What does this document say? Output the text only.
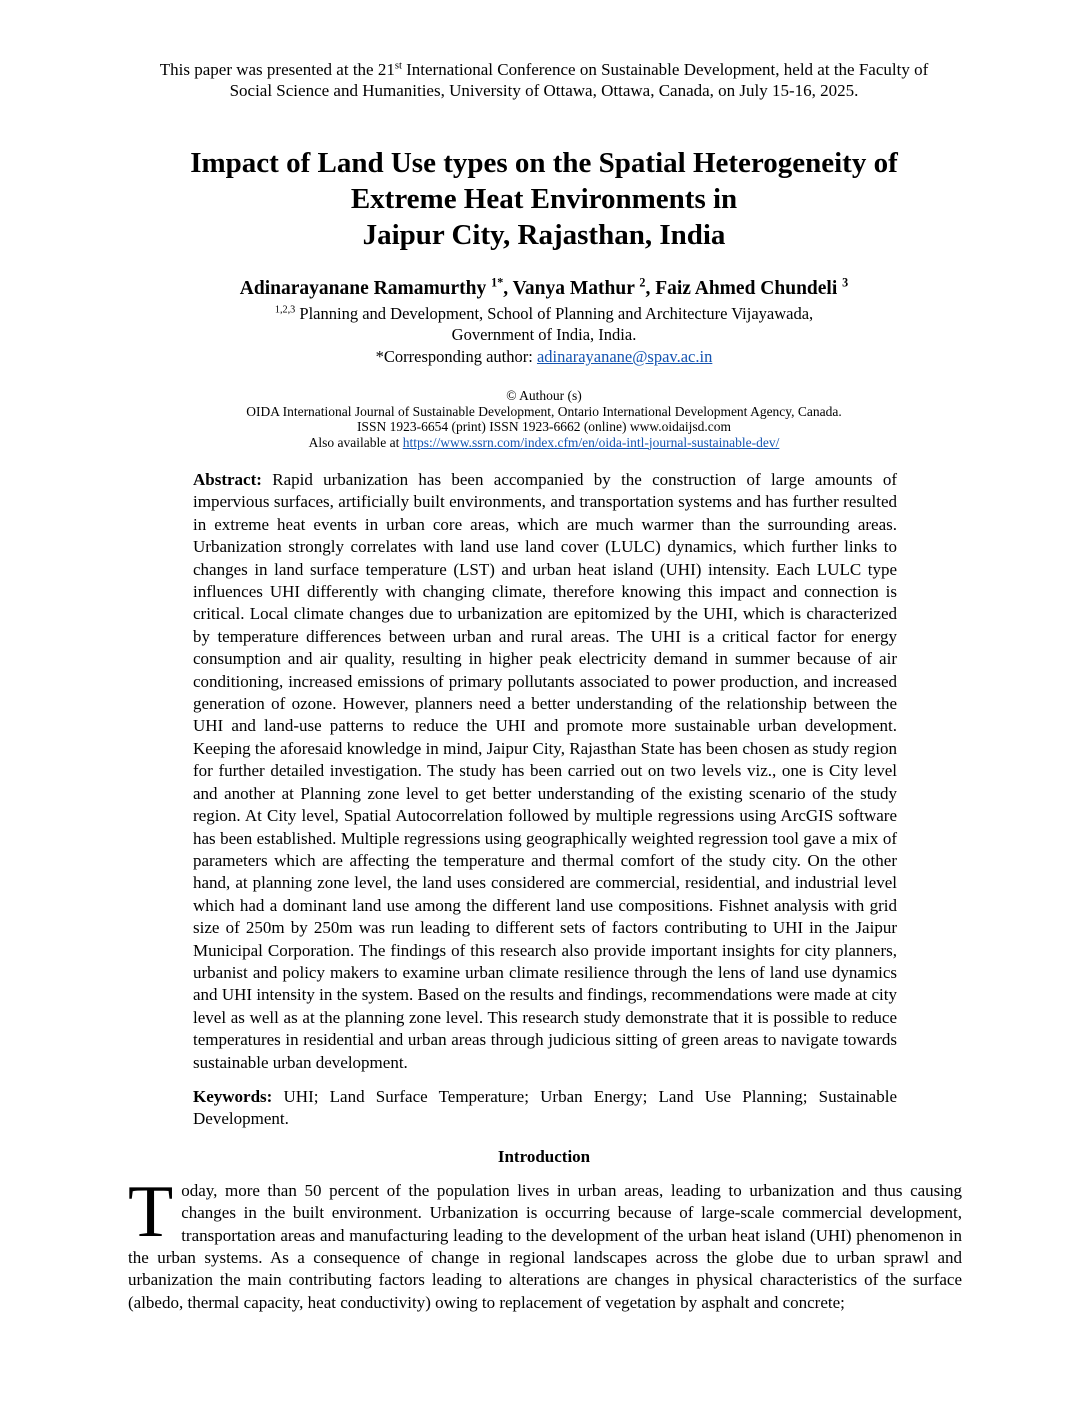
This paper was presented at the 21st International Conference on Sustainable Development, held at the Faculty of Social Science and Humanities, University of Ottawa, Ottawa, Canada, on July 15-16, 2025.
Impact of Land Use types on the Spatial Heterogeneity of
Extreme Heat Environments in
Jaipur City, Rajasthan, India
Adinarayanane Ramamurthy $^{1*}$, Vanya Mathur $^2$, Faiz Ahmed Chundeli $^3$
$^{1,2,3}$ Planning and Development, School of Planning and Architecture Vijayawada,
Government of India, India.
*Corresponding author: adinarayanane@spav.ac.in
© Authour (s)
OIDA International Journal of Sustainable Development, Ontario International Development Agency, Canada.
ISSN 1923-6654 (print) ISSN 1923-6662 (online) www.oidaijsd.com
Also available at https://www.ssrn.com/index.cfm/en/oida-intl-journal-sustainable-dev/

Abstract: Rapid urbanization has been accompanied by the construction of large amounts of impervious surfaces, artificially built environments, and transportation systems and has further resulted in extreme heat events in urban core areas, which are much warmer than the surrounding areas. Urbanization strongly correlates with land use land cover (LULC) dynamics, which further links to changes in land surface temperature (LST) and urban heat island (UHI) intensity. Each LULC type influences UHI differently with changing climate, therefore knowing this impact and connection is critical. Local climate changes due to urbanization are epitomized by the UHI, which is characterized by temperature differences between urban and rural areas. The UHI is a critical factor for energy consumption and air quality, resulting in higher peak electricity demand in summer because of air conditioning, increased emissions of primary pollutants associated to power production, and increased generation of ozone. However, planners need a better understanding of the relationship between the UHI and land-use patterns to reduce the UHI and promote more sustainable urban development. Keeping the aforesaid knowledge in mind, Jaipur City, Rajasthan State has been chosen as study region for further detailed investigation. The study has been carried out on two levels viz., one is City level and another at Planning zone level to get better understanding of the existing scenario of the study region. At City level, Spatial Autocorrelation followed by multiple regressions using ArcGIS software has been established. Multiple regressions using geographically weighted regression tool gave a mix of parameters which are affecting the temperature and thermal comfort of the study city. On the other hand, at planning zone level, the land uses considered are commercial, residential, and industrial level which had a dominant land use among the different land use compositions. Fishnet analysis with grid size of 250m by 250m was run leading to different sets of factors contributing to UHI in the Jaipur Municipal Corporation. The findings of this research also provide important insights for city planners, urbanist and policy makers to examine urban climate resilience through the lens of land use dynamics and UHI intensity in the system. Based on the results and findings, recommendations were made at city level as well as at the planning zone level. This research study demonstrate that it is possible to reduce temperatures in residential and urban areas through judicious sitting of green areas to navigate towards sustainable urban development.

Keywords: UHI; Land Surface Temperature; Urban Energy; Land Use Planning; Sustainable Development.

Introduction

Today, more than 50 percent of the population lives in urban areas, leading to urbanization and thus causing changes in the built environment. Urbanization is occurring because of large-scale commercial development, transportation areas and manufacturing leading to the development of the urban heat island (UHI) phenomenon in the urban systems. As a consequence of change in regional landscapes across the globe due to urban sprawl and urbanization the main contributing factors leading to alterations are changes in physical characteristics of the surface (albedo, thermal capacity, heat conductivity) owing to replacement of vegetation by asphalt and concrete;
